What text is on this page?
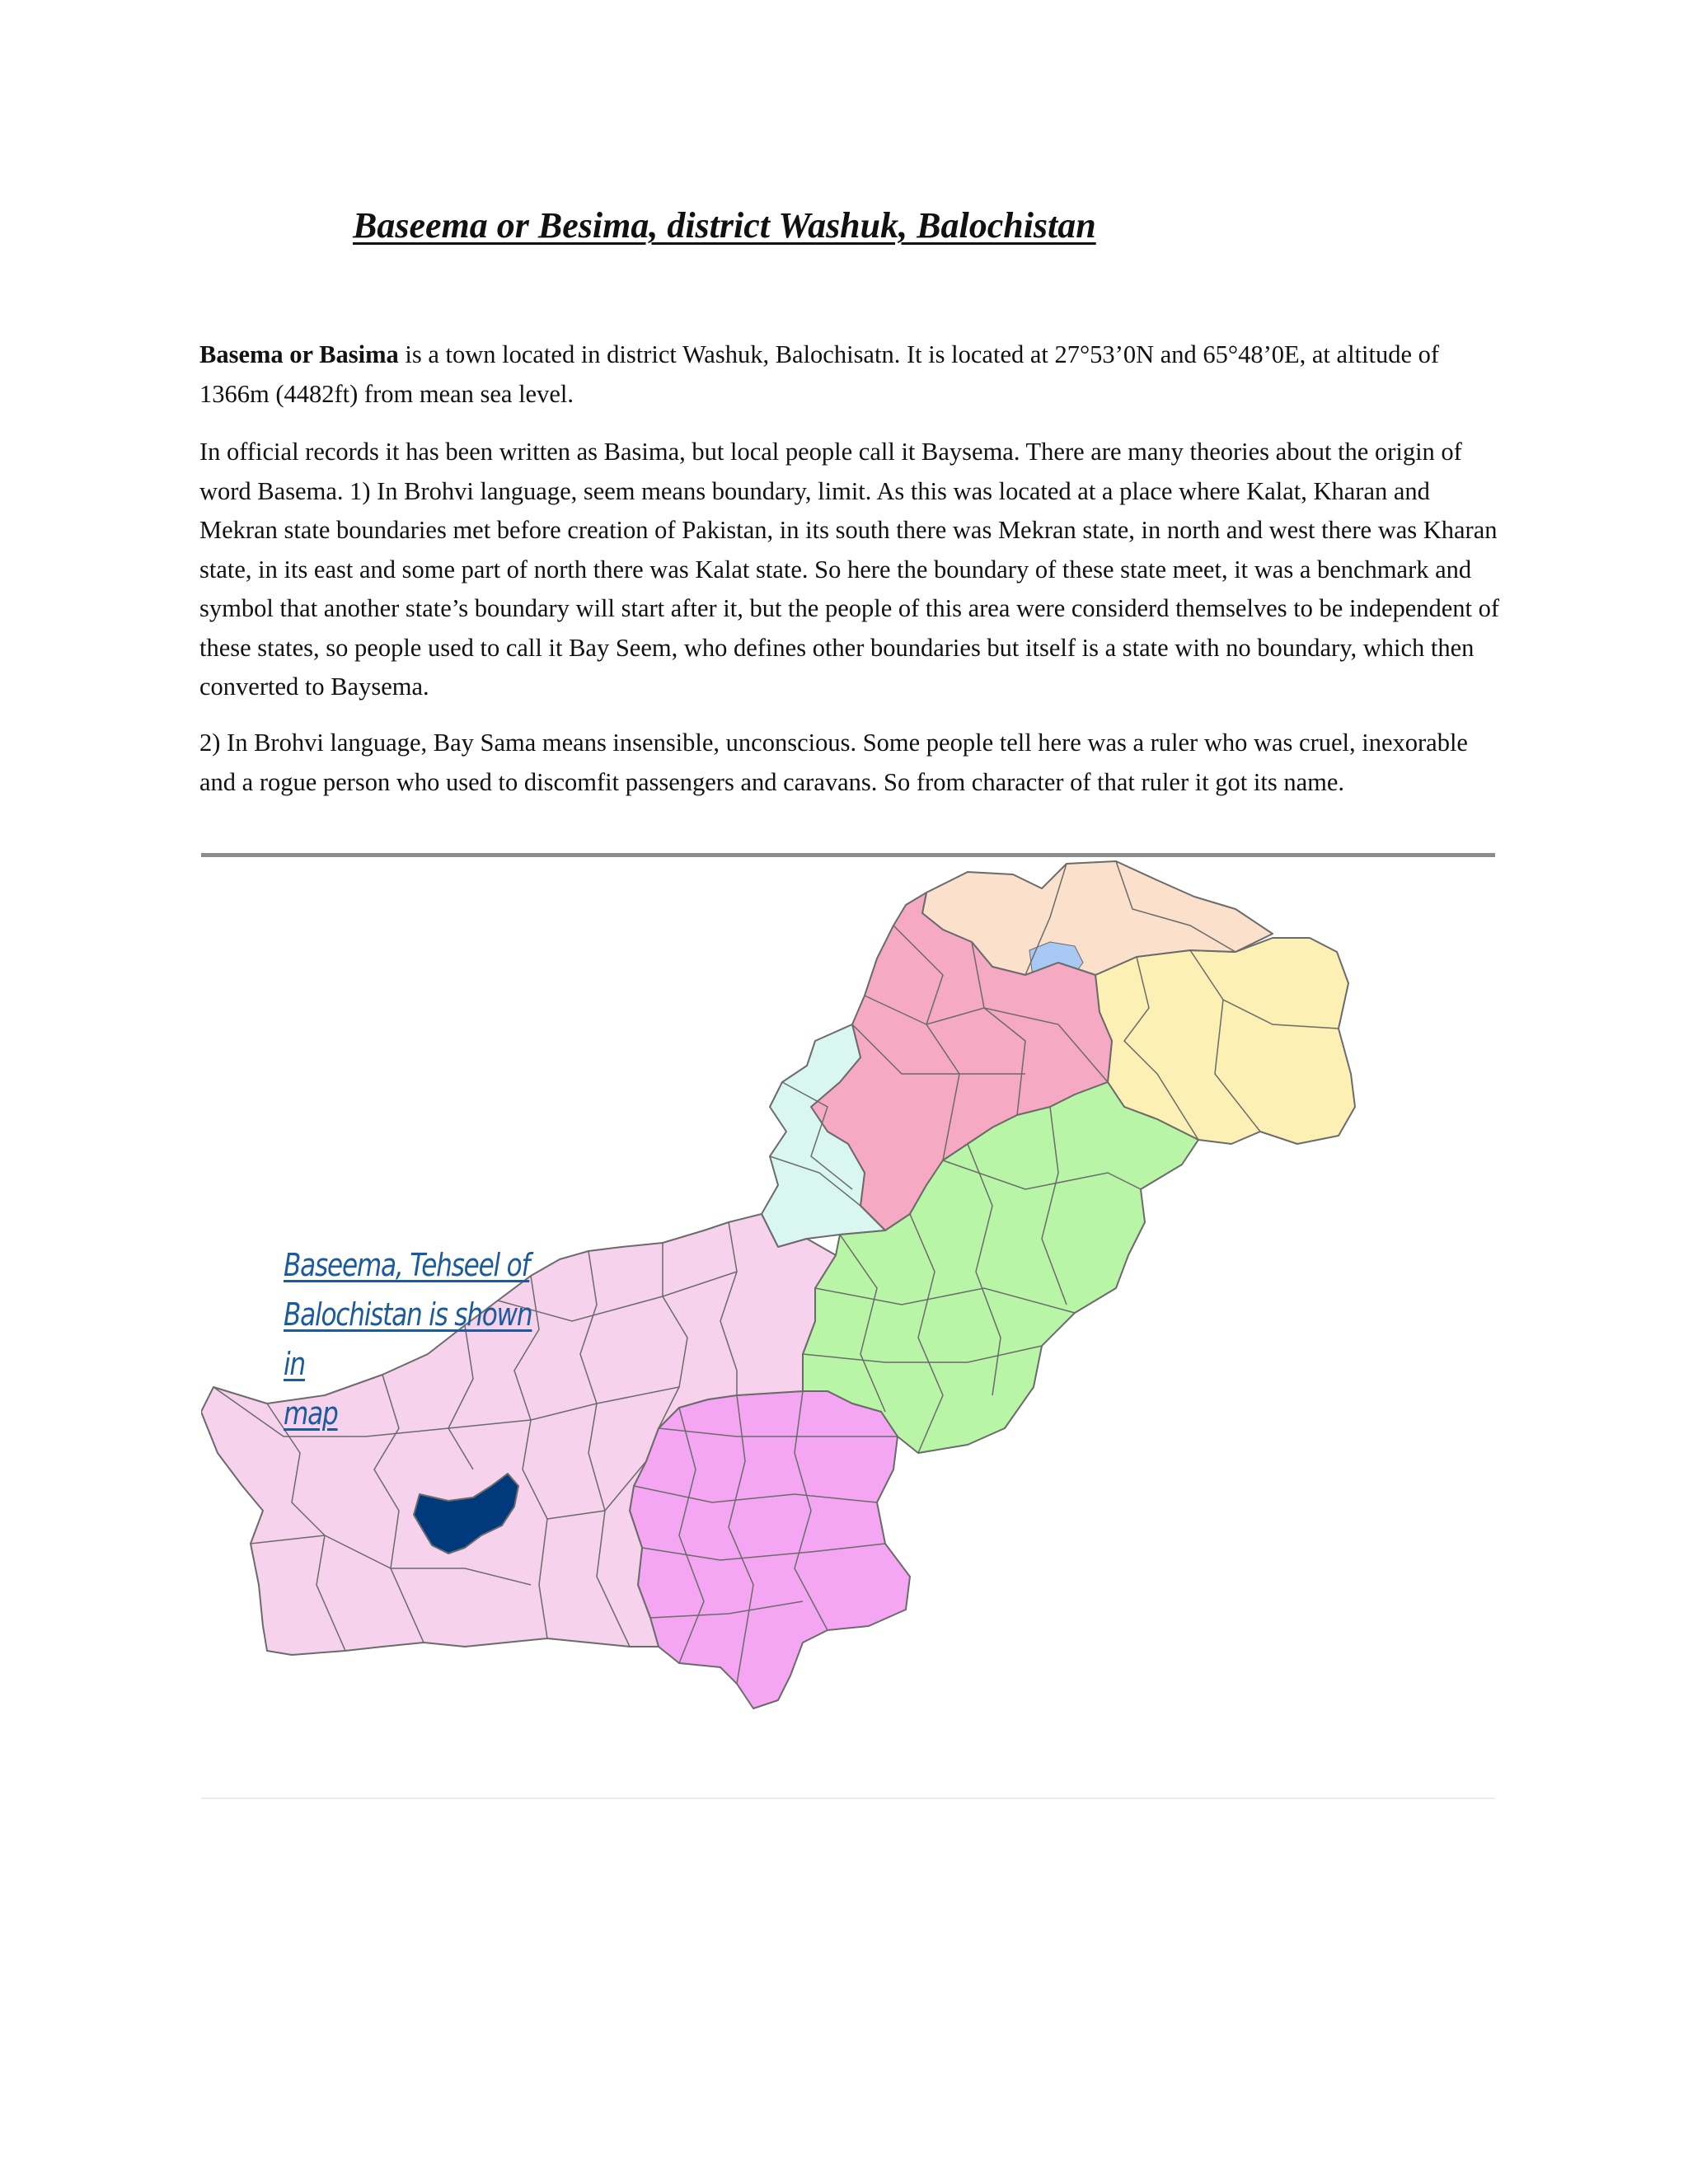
Baseema or Besima, district Washuk, Balochistan

Basema or Basima is a town located in district Washuk, Balochisatn. It is located at 27°53’0N and 65°48’0E, at altitude of 1366m (4482ft) from mean sea level.

In official records it has been written as Basima, but local people call it Baysema. There are many theories about the origin of word Basema. 1) In Brohvi language, seem means boundary, limit. As this was located at a place where Kalat, Kharan and Mekran state boundaries met before creation of Pakistan, in its south there was Mekran state, in north and west there was Kharan state, in its east and some part of north there was Kalat state. So here the boundary of these state meet, it was a benchmark and symbol that another state’s boundary will start after it, but the people of this area were considerd themselves to be independent of these states, so people used to call it Bay Seem, who defines other boundaries but itself is a state with no boundary, which then converted to Baysema.

2) In Brohvi language, Bay Sama means insensible, unconscious. Some people tell here was a ruler who was cruel, inexorable and a rogue person who used to discomfit passengers and caravans. So from character of that ruler it got its name.

Baseema, Tehseel of
Balochistan is shown in
map
